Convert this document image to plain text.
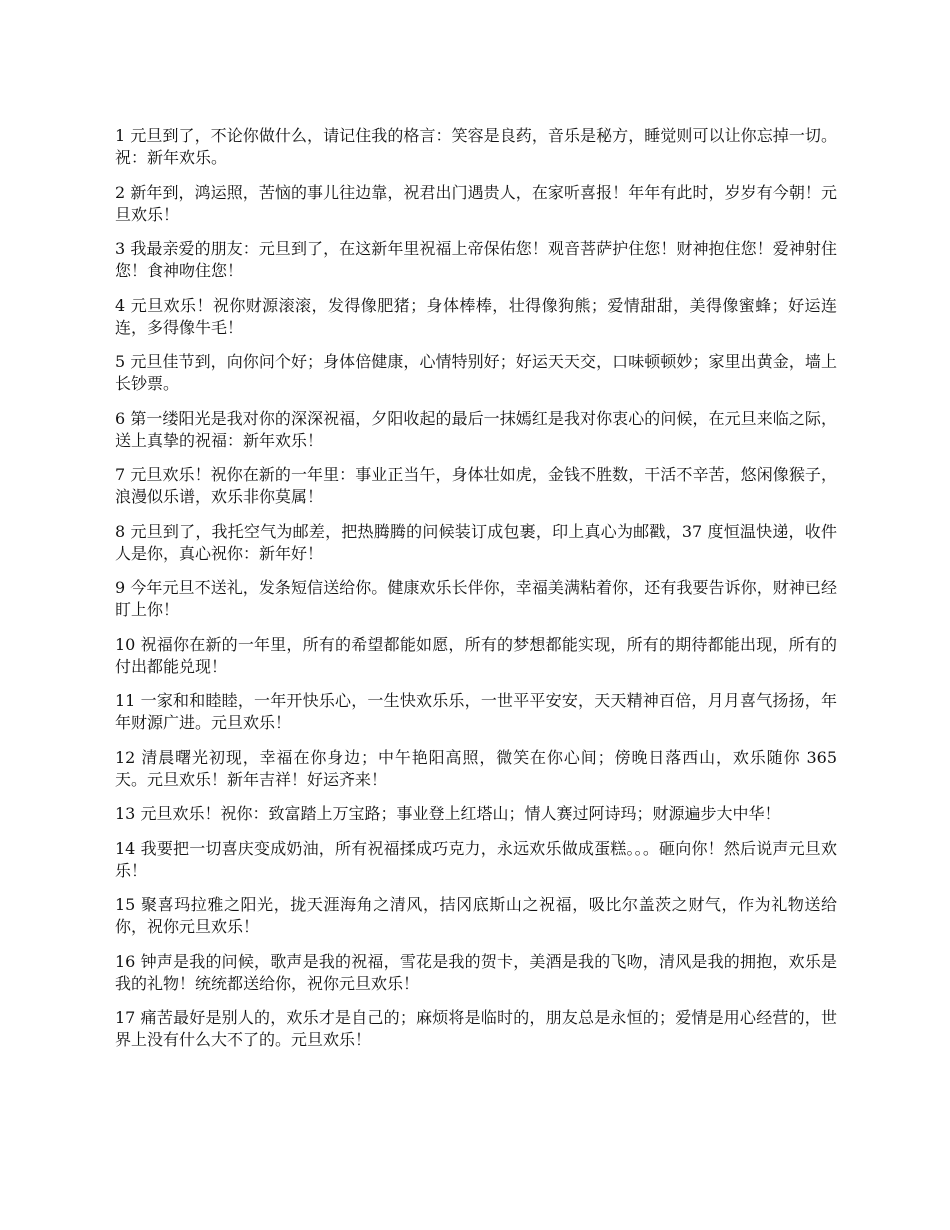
1 元旦到了，不论你做什么，请记住我的格言：笑容是良药，音乐是秘方，睡觉则可以让你忘掉一切。祝：新年欢乐。

2 新年到，鸿运照，苦恼的事儿往边靠，祝君出门遇贵人，在家听喜报！年年有此时，岁岁有今朝！元旦欢乐！

3 我最亲爱的朋友：元旦到了，在这新年里祝福上帝保佑您！观音菩萨护住您！财神抱住您！爱神射住您！食神吻住您！

4 元旦欢乐！祝你财源滚滚，发得像肥猪；身体棒棒，壮得像狗熊；爱情甜甜，美得像蜜蜂；好运连连，多得像牛毛！

5 元旦佳节到，向你问个好；身体倍健康，心情特别好；好运天天交，口味顿顿妙；家里出黄金，墙上长钞票。

6 第一缕阳光是我对你的深深祝福，夕阳收起的最后一抹嫣红是我对你衷心的问候，在元旦来临之际，送上真挚的祝福：新年欢乐！

7 元旦欢乐！祝你在新的一年里：事业正当午，身体壮如虎，金钱不胜数，干活不辛苦，悠闲像猴子，浪漫似乐谱，欢乐非你莫属！

8 元旦到了，我托空气为邮差，把热腾腾的问候装订成包裹，印上真心为邮戳，37 度恒温快递，收件人是你，真心祝你：新年好！

9 今年元旦不送礼，发条短信送给你。健康欢乐长伴你，幸福美满粘着你，还有我要告诉你，财神已经盯上你！

10 祝福你在新的一年里，所有的希望都能如愿，所有的梦想都能实现，所有的期待都能出现，所有的付出都能兑现！

11 一家和和睦睦，一年开快乐心，一生快欢乐乐，一世平平安安，天天精神百倍，月月喜气扬扬，年年财源广进。元旦欢乐！

12 清晨曙光初现，幸福在你身边；中午艳阳高照，微笑在你心间；傍晚日落西山，欢乐随你 365 天。元旦欢乐！新年吉祥！好运齐来！

13 元旦欢乐！祝你：致富踏上万宝路；事业登上红塔山；情人赛过阿诗玛；财源遍步大中华！

14 我要把一切喜庆变成奶油，所有祝福揉成巧克力，永远欢乐做成蛋糕。。。砸向你！然后说声元旦欢乐！

15 聚喜玛拉雅之阳光，拢天涯海角之清风，拮冈底斯山之祝福，吸比尔盖茨之财气，作为礼物送给你，祝你元旦欢乐！

16 钟声是我的问候，歌声是我的祝福，雪花是我的贺卡，美酒是我的飞吻，清风是我的拥抱，欢乐是我的礼物！统统都送给你，祝你元旦欢乐！

17 痛苦最好是别人的，欢乐才是自己的；麻烦将是临时的，朋友总是永恒的；爱情是用心经营的，世界上没有什么大不了的。元旦欢乐！
